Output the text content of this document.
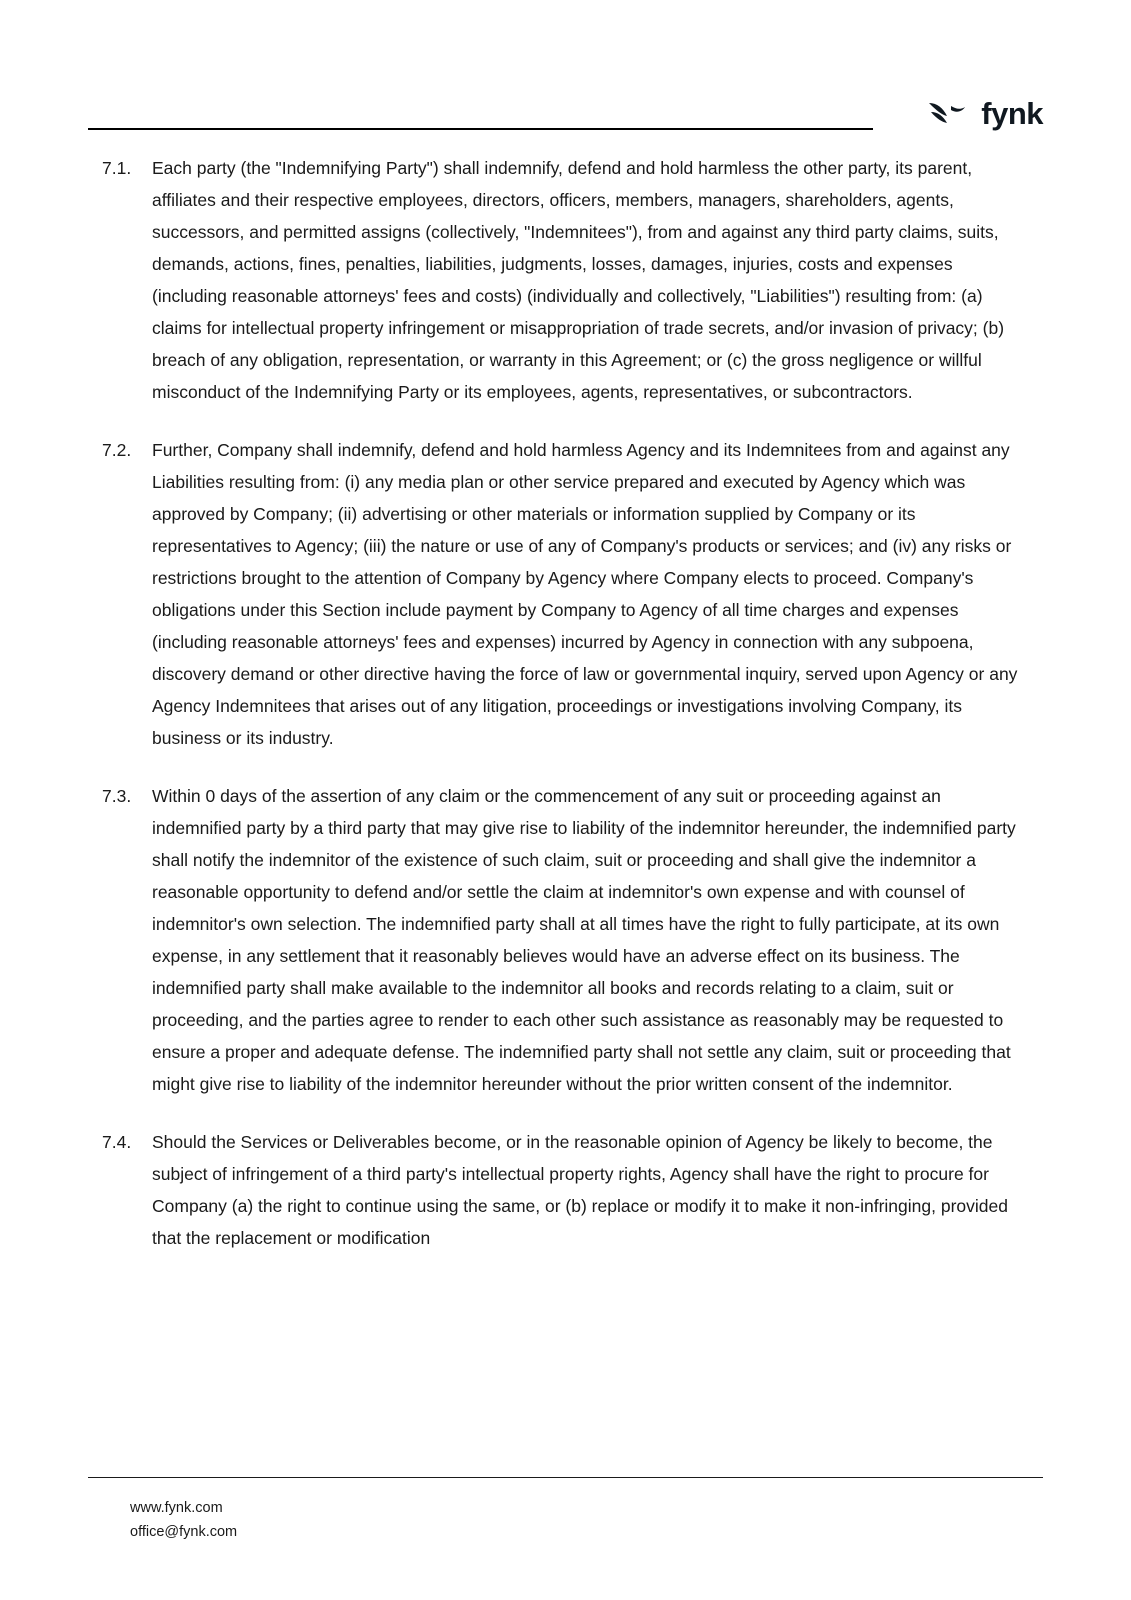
fynk
7.1.	Each party (the "Indemnifying Party") shall indemnify, defend and hold harmless the other party, its parent, affiliates and their respective employees, directors, officers, members, managers, shareholders, agents, successors, and permitted assigns (collectively, "Indemnitees"), from and against any third party claims, suits, demands, actions, fines, penalties, liabilities, judgments, losses, damages, injuries, costs and expenses (including reasonable attorneys' fees and costs) (individually and collectively, "Liabilities") resulting from: (a) claims for intellectual property infringement or misappropriation of trade secrets, and/or invasion of privacy; (b) breach of any obligation, representation, or warranty in this Agreement; or (c) the gross negligence or willful misconduct of the Indemnifying Party or its employees, agents, representatives, or subcontractors.
7.2.	Further, Company shall indemnify, defend and hold harmless Agency and its Indemnitees from and against any Liabilities resulting from: (i) any media plan or other service prepared and executed by Agency which was approved by Company; (ii) advertising or other materials or information supplied by Company or its representatives to Agency; (iii) the nature or use of any of Company's products or services; and (iv) any risks or restrictions brought to the attention of Company by Agency where Company elects to proceed. Company's obligations under this Section include payment by Company to Agency of all time charges and expenses (including reasonable attorneys' fees and expenses) incurred by Agency in connection with any subpoena, discovery demand or other directive having the force of law or governmental inquiry, served upon Agency or any Agency Indemnitees that arises out of any litigation, proceedings or investigations involving Company, its business or its industry.
7.3.	Within 0 days of the assertion of any claim or the commencement of any suit or proceeding against an indemnified party by a third party that may give rise to liability of the indemnitor hereunder, the indemnified party shall notify the indemnitor of the existence of such claim, suit or proceeding and shall give the indemnitor a reasonable opportunity to defend and/or settle the claim at indemnitor's own expense and with counsel of indemnitor's own selection. The indemnified party shall at all times have the right to fully participate, at its own expense, in any settlement that it reasonably believes would have an adverse effect on its business. The indemnified party shall make available to the indemnitor all books and records relating to a claim, suit or proceeding, and the parties agree to render to each other such assistance as reasonably may be requested to ensure a proper and adequate defense. The indemnified party shall not settle any claim, suit or proceeding that might give rise to liability of the indemnitor hereunder without the prior written consent of the indemnitor.
7.4.	Should the Services or Deliverables become, or in the reasonable opinion of Agency be likely to become, the subject of infringement of a third party's intellectual property rights, Agency shall have the right to procure for Company (a) the right to continue using the same, or (b) replace or modify it to make it non-infringing, provided that the replacement or modification
www.fynk.com
office@fynk.com
